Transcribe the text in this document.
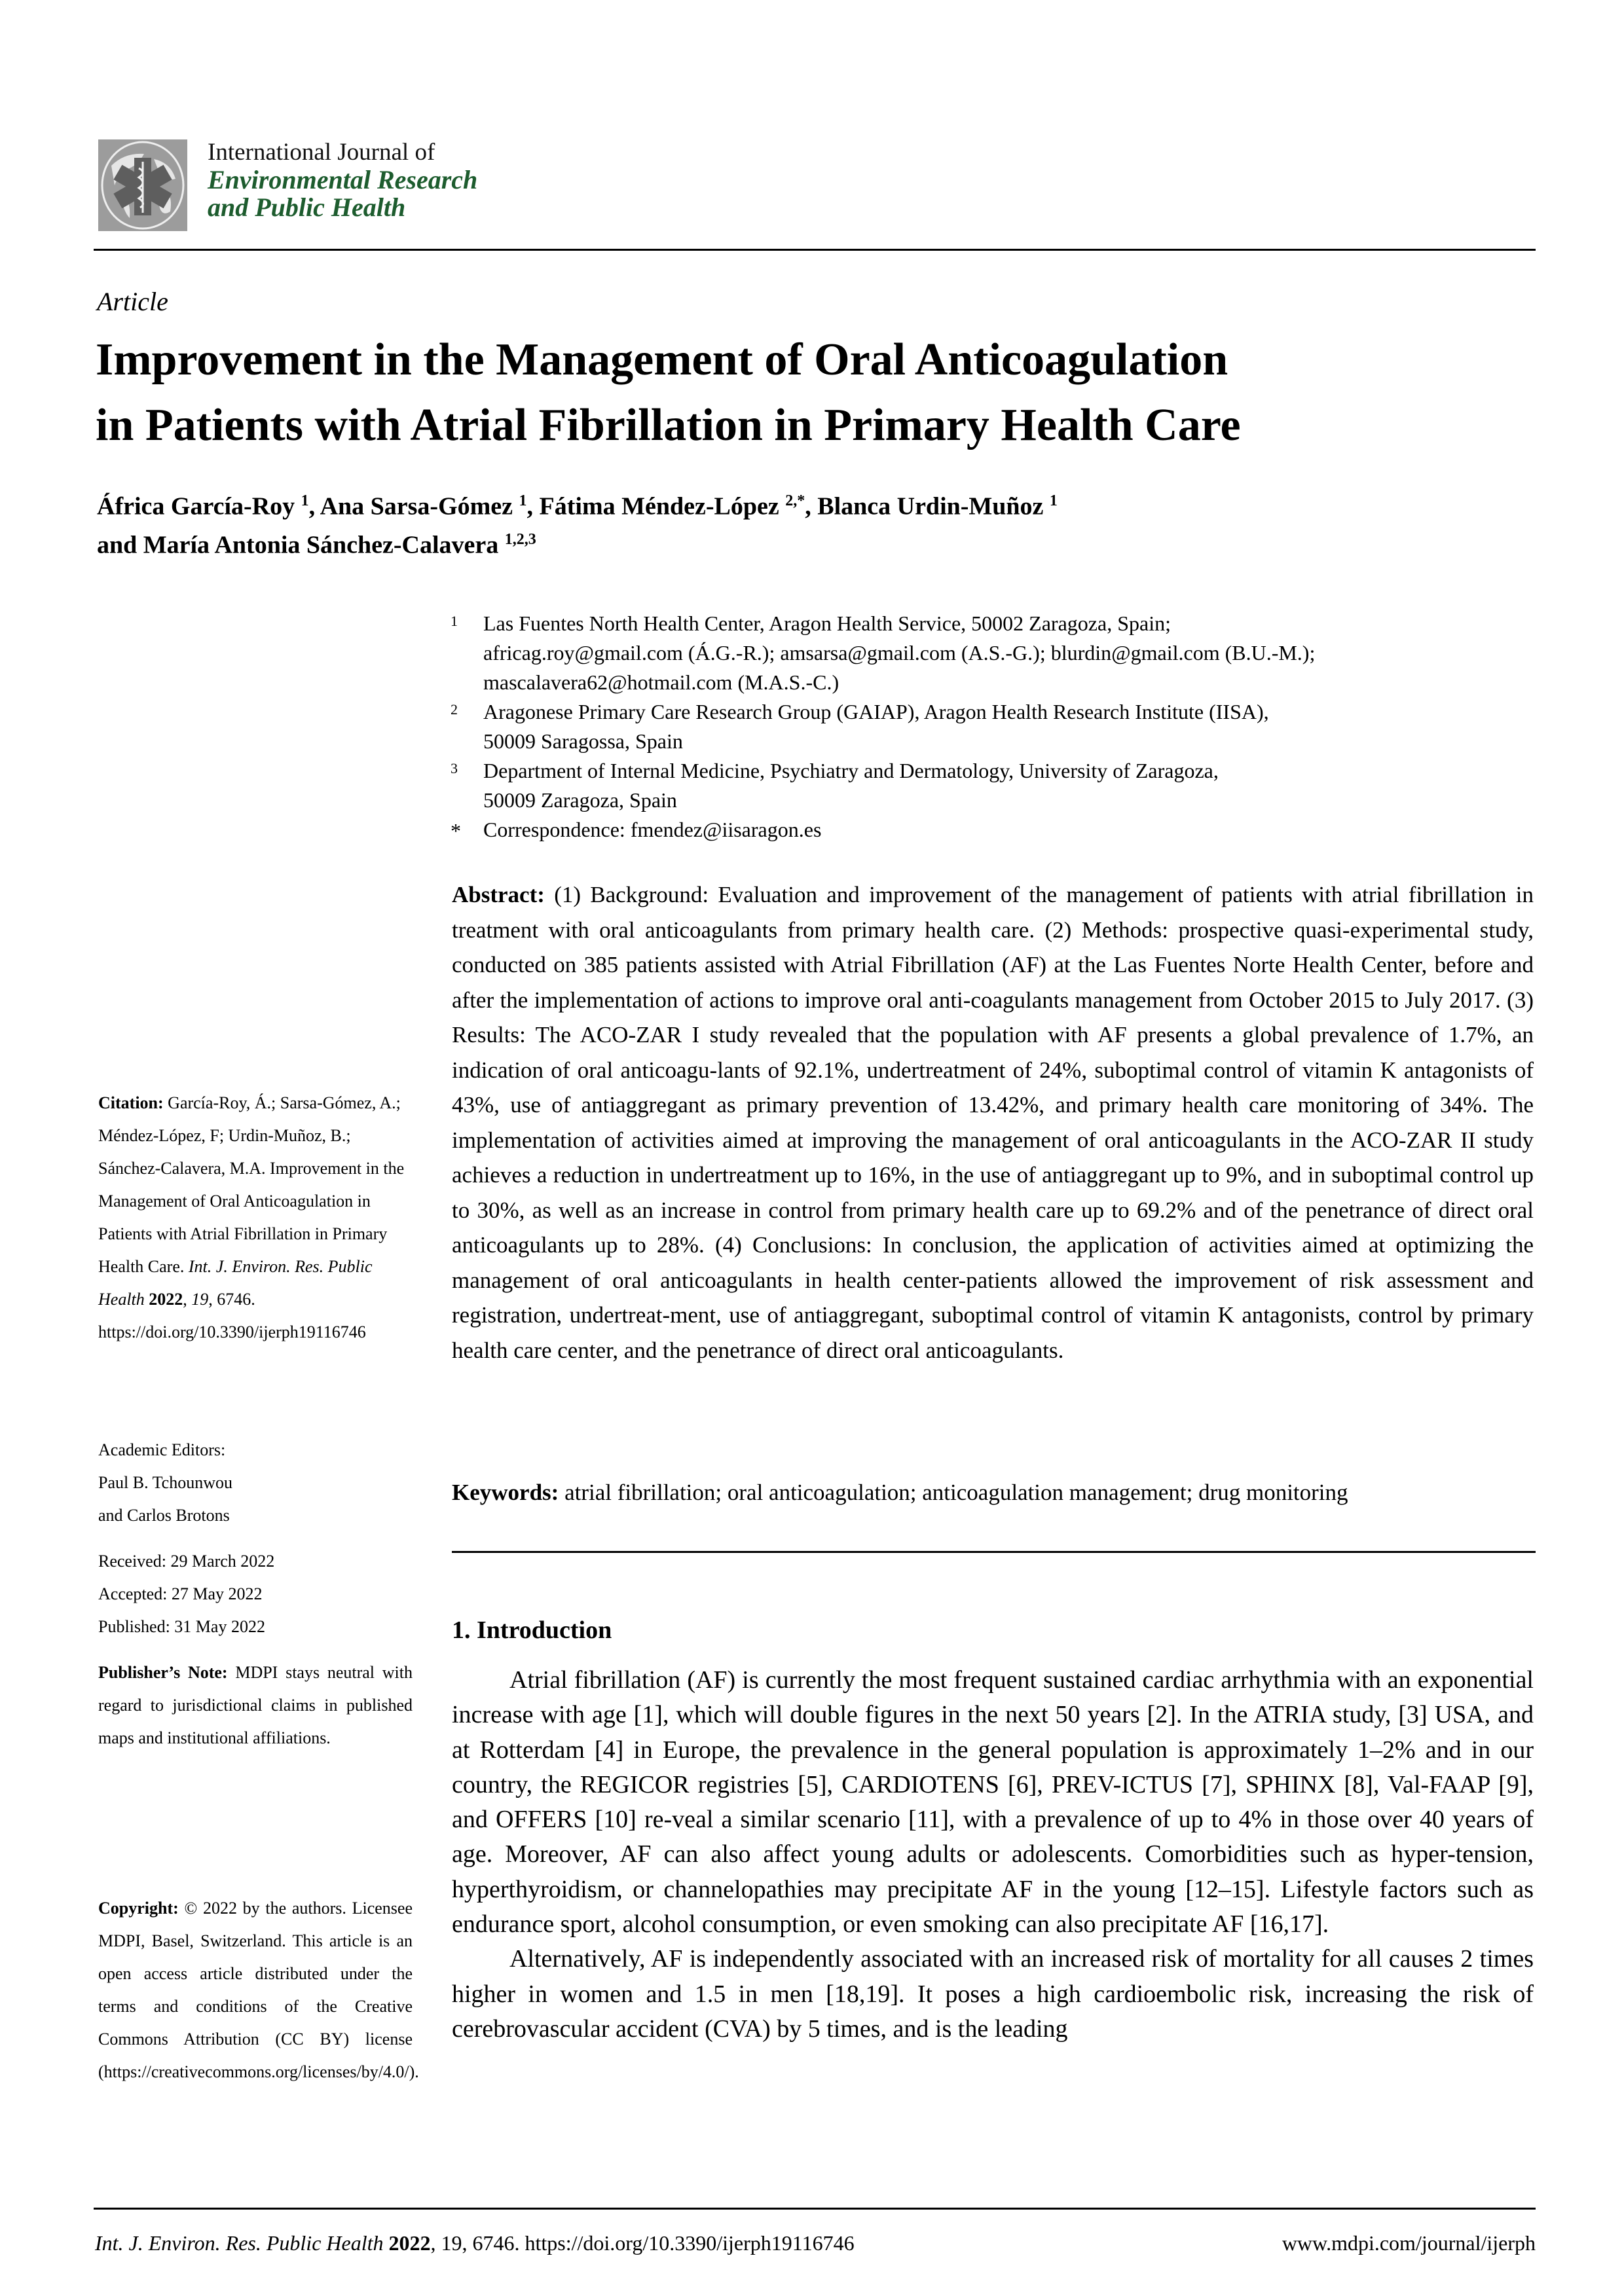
International Journal of
Environmental Research
and Public Health
Article
Improvement in the Management of Oral Anticoagulation
in Patients with Atrial Fibrillation in Primary Health Care
África García-Roy $^1$, Ana Sarsa-Gómez $^1$, Fátima Méndez-López $^{2,*}$, Blanca Urdin-Muñoz $^1$
and María Antonia Sánchez-Calavera $^{1,2,3}$
1 Las Fuentes North Health Center, Aragon Health Service, 50002 Zaragoza, Spain;
africag.roy@gmail.com (Á.G.-R.); amsarsa@gmail.com (A.S.-G.); blurdin@gmail.com (B.U.-M.);
mascalavera62@hotmail.com (M.A.S.-C.)
2 Aragonese Primary Care Research Group (GAIAP), Aragon Health Research Institute (IISA),
50009 Saragossa, Spain
3 Department of Internal Medicine, Psychiatry and Dermatology, University of Zaragoza,
50009 Zaragoza, Spain
* Correspondence: fmendez@iisaragon.es
Abstract: (1) Background: Evaluation and improvement of the management of patients with atrial fibrillation in treatment with oral anticoagulants from primary health care. (2) Methods: prospective quasi-experimental study, conducted on 385 patients assisted with Atrial Fibrillation (AF) at the Las Fuentes Norte Health Center, before and after the implementation of actions to improve oral anti-coagulants management from October 2015 to July 2017. (3) Results: The ACO-ZAR I study revealed that the population with AF presents a global prevalence of 1.7%, an indication of oral anticoagu-lants of 92.1%, undertreatment of 24%, suboptimal control of vitamin K antagonists of 43%, use of antiaggregant as primary prevention of 13.42%, and primary health care monitoring of 34%. The implementation of activities aimed at improving the management of oral anticoagulants in the ACO-ZAR II study achieves a reduction in undertreatment up to 16%, in the use of antiaggregant up to 9%, and in suboptimal control up to 30%, as well as an increase in control from primary health care up to 69.2% and of the penetrance of direct oral anticoagulants up to 28%. (4) Conclusions: In conclusion, the application of activities aimed at optimizing the management of oral anticoagulants in health center-patients allowed the improvement of risk assessment and registration, undertreat-ment, use of antiaggregant, suboptimal control of vitamin K antagonists, control by primary health care center, and the penetrance of direct oral anticoagulants.
Keywords: atrial fibrillation; oral anticoagulation; anticoagulation management; drug monitoring
1. Introduction

Atrial fibrillation (AF) is currently the most frequent sustained cardiac arrhythmia with an exponential increase with age [1], which will double figures in the next 50 years [2]. In the ATRIA study, [3] USA, and at Rotterdam [4] in Europe, the prevalence in the general population is approximately 1–2% and in our country, the REGICOR registries [5], CARDIOTENS [6], PREV-ICTUS [7], SPHINX [8], Val-FAAP [9], and OFFERS [10] re-veal a similar scenario [11], with a prevalence of up to 4% in those over 40 years of age. Moreover, AF can also affect young adults or adolescents. Comorbidities such as hyper-tension, hyperthyroidism, or channelopathies may precipitate AF in the young [12–15]. Lifestyle factors such as endurance sport, alcohol consumption, or even smoking can also precipitate AF [16,17].

Alternatively, AF is independently associated with an increased risk of mortality for all causes 2 times higher in women and 1.5 in men [18,19]. It poses a high cardioembolic risk, increasing the risk of cerebrovascular accident (CVA) by 5 times, and is the leading

Citation: García-Roy, Á.; Sarsa-Gómez, A.; Méndez-López, F; Urdin-Muñoz, B.; Sánchez-Calavera, M.A. Improvement in the Management of Oral Anticoagulation in Patients with Atrial Fibrillation in Primary Health Care. Int. J. Environ. Res. Public Health 2022, 19, 6746. https://doi.org/10.3390/ijerph19116746
Academic Editors:
Paul B. Tchounwou
and Carlos Brotons
Received: 29 March 2022
Accepted: 27 May 2022
Published: 31 May 2022
Publisher’s Note: MDPI stays neutral with regard to jurisdictional claims in published maps and institutional affiliations.
Copyright: © 2022 by the authors. Licensee MDPI, Basel, Switzerland. This article is an open access article distributed under the terms and conditions of the Creative Commons Attribution (CC BY) license (https://creativecommons.org/licenses/by/4.0/).
Int. J. Environ. Res. Public Health 2022, 19, 6746. https://doi.org/10.3390/ijerph19116746	www.mdpi.com/journal/ijerph
